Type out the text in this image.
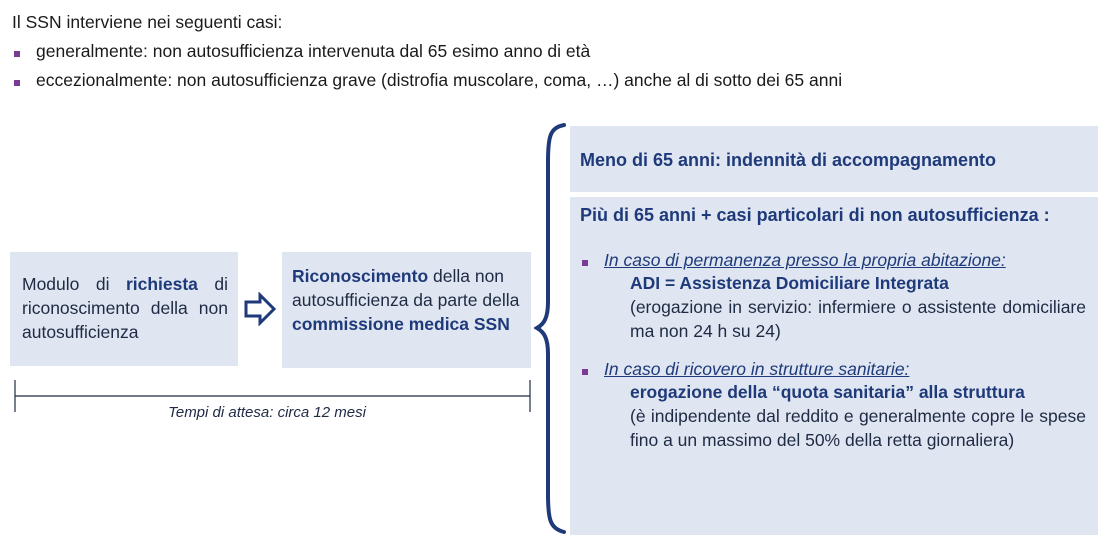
Il SSN interviene nei seguenti casi:
generalmente: non autosufficienza intervenuta dal 65 esimo anno di età
eccezionalmente: non autosufficienza grave (distrofia muscolare, coma, …) anche al di sotto dei 65 anni
Modulo di richiesta di riconoscimento della non autosufficienza
Riconoscimento della non autosufficienza da parte della commissione medica SSN
Tempi di attesa: circa 12 mesi
Meno di 65 anni: indennità di accompagnamento
Più di 65 anni + casi particolari di non autosufficienza :
In caso di permanenza presso la propria abitazione:
ADI = Assistenza Domiciliare Integrata
(erogazione in servizio: infermiere o assistente domiciliare ma non 24 h su 24)
In caso di ricovero in strutture sanitarie:
erogazione della “quota sanitaria” alla struttura
(è indipendente dal reddito e generalmente copre le spese fino a un massimo del 50% della retta giornaliera)
